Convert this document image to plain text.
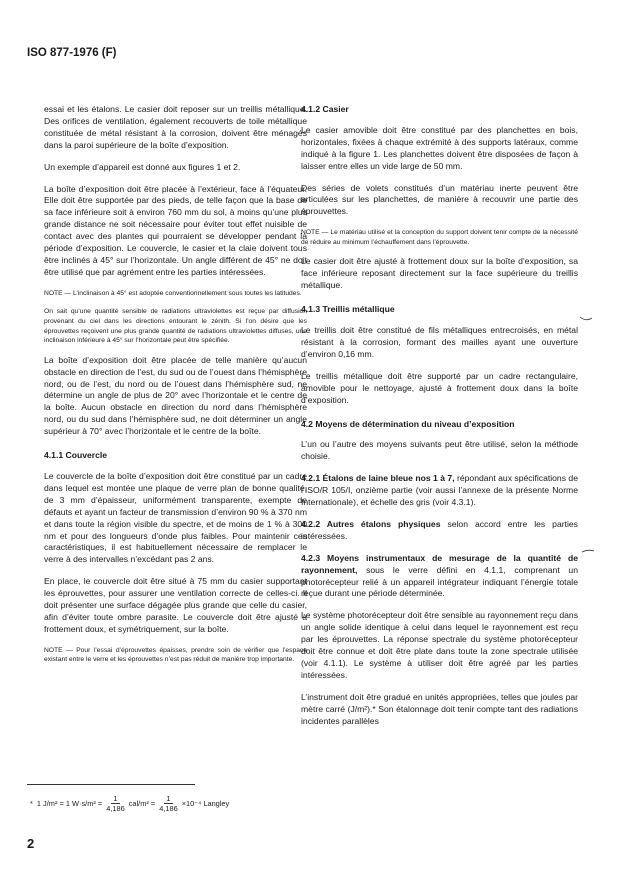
ISO 877-1976 (F)

essai et les étalons. Le casier doit reposer sur un treillis métallique. Des orifices de ventilation, également recouverts de toile métallique constituée de métal résistant à la corrosion, doivent être ménagés dans la paroi supérieure de la boîte d’exposition.

Un exemple d’appareil est donné aux figures 1 et 2.

La boîte d’exposition doit être placée à l’extérieur, face à l’équateur. Elle doit être supportée par des pieds, de telle façon que la base de sa face inférieure soit à environ 760 mm du sol, à moins qu’une plus grande distance ne soit nécessaire pour éviter tout effet nuisible de contact avec des plantes qui pourraient se développer pendant la période d’exposition. Le couvercle, le casier et la claie doivent tous être inclinés à 45° sur l’horizontale. Un angle différent de 45° ne doit être utilisé que par agrément entre les parties intéressées.

NOTE — L’inclinaison à 45° est adoptée conventionnellement sous toutes les latitudes.

On sait qu’une quantité sensible de radiations ultraviolettes est reçue par diffusion provenant du ciel dans les directions entourant le zénith. Si l’on désire que les éprouvettes reçoivent une plus grande quantité de radiations ultraviolettes diffuses, une inclinaison inférieure à 45° sur l’horizontale peut être spécifiée.

La boîte d’exposition doit être placée de telle manière qu’aucun obstacle en direction de l’est, du sud ou de l’ouest dans l’hémisphère nord, ou de l’est, du nord ou de l’ouest dans l’hémisphère sud, ne détermine un angle de plus de 20° avec l’horizontale et le centre de la boîte. Aucun obstacle en direction du nord dans l’hémisphère nord, ou du sud dans l’hémisphère sud, ne doit déterminer un angle supérieur à 70° avec l’horizontale et le centre de la boîte.

4.1.1 Couvercle

Le couvercle de la boîte d’exposition doit être constitué par un cadre dans lequel est montée une plaque de verre plan de bonne qualité, de 3 mm d’épaisseur, uniformément transparente, exempte de défauts et ayant un facteur de transmission d’environ 90 % à 370 nm et dans toute la région visible du spectre, et de moins de 1 % à 300 nm et pour des longueurs d’onde plus faibles. Pour maintenir ces caractéristiques, il est habituellement nécessaire de remplacer le verre à des intervalles n’excédant pas 2 ans.

En place, le couvercle doit être situé à 75 mm du casier supportant les éprouvettes, pour assurer une ventilation correcte de celles-ci. Il doit présenter une surface dégagée plus grande que celle du casier, afin d’éviter toute ombre parasite. Le couvercle doit être ajusté à frottement doux, et symétriquement, sur la boîte.

NOTE — Pour l’essai d’éprouvettes épaisses, prendre soin de vérifier que l’espace existant entre le verre et les éprouvettes n’est pas réduit de manière trop importante.

4.1.2 Casier

Le casier amovible doit être constitué par des planchettes en bois, horizontales, fixées à chaque extrémité à des supports latéraux, comme indiqué à la figure 1. Les planchettes doivent être disposées de façon à laisser entre elles un vide large de 50 mm.

Des séries de volets constitués d’un matériau inerte peuvent être articulées sur les planchettes, de manière à recouvrir une partie des éprouvettes.

NOTE — Le matériau utilisé et la conception du support doivent tenir compte de la nécessité de réduire au minimum l’échauffement dans l’éprouvette.

Le casier doit être ajusté à frottement doux sur la boîte d’exposition, sa face inférieure reposant directement sur la face supérieure du treillis métallique.

4.1.3 Treillis métallique

Le treillis doit être constitué de fils métalliques entrecroisés, en métal résistant à la corrosion, formant des mailles ayant une ouverture d’environ 0,16 mm.

Le treillis métallique doit être supporté par un cadre rectangulaire, amovible pour le nettoyage, ajusté à frottement doux dans la boîte d’exposition.

4.2 Moyens de détermination du niveau d’exposition

L’un ou l’autre des moyens suivants peut être utilisé, selon la méthode choisie.

4.2.1 Étalons de laine bleue nos 1 à 7, répondant aux spécifications de l’ISO/R 105/I, onzième partie (voir aussi l’annexe de la présente Norme Internationale), et échelle des gris (voir 4.3.1).

4.2.2 Autres étalons physiques selon accord entre les parties intéressées.

4.2.3 Moyens instrumentaux de mesurage de la quantité de rayonnement, sous le verre défini en 4.1.1, comprenant un photorécepteur relié à un appareil intégrateur indiquant l’énergie totale reçue durant une période déterminée.

Le système photorécepteur doit être sensible au rayonnement reçu dans un angle solide identique à celui dans lequel le rayonnement est reçu par les éprouvettes. La réponse spectrale du système photorécepteur doit être connue et doit être plate dans toute la zone spectrale utilisée (voir 4.1.1). Le système à utiliser doit être agréé par les parties intéressées.

L’instrument doit être gradué en unités appropriées, telles que joules par mètre carré (J/m²).* Son étalonnage doit tenir compte tant des radiations incidentes parallèles

* 1 J/m² = 1 $W\cdot s/m^2 = \frac{1}{4,186} cal/m^2 = \frac{1}{4,186} \times 10^{-4}$ Langley
2
